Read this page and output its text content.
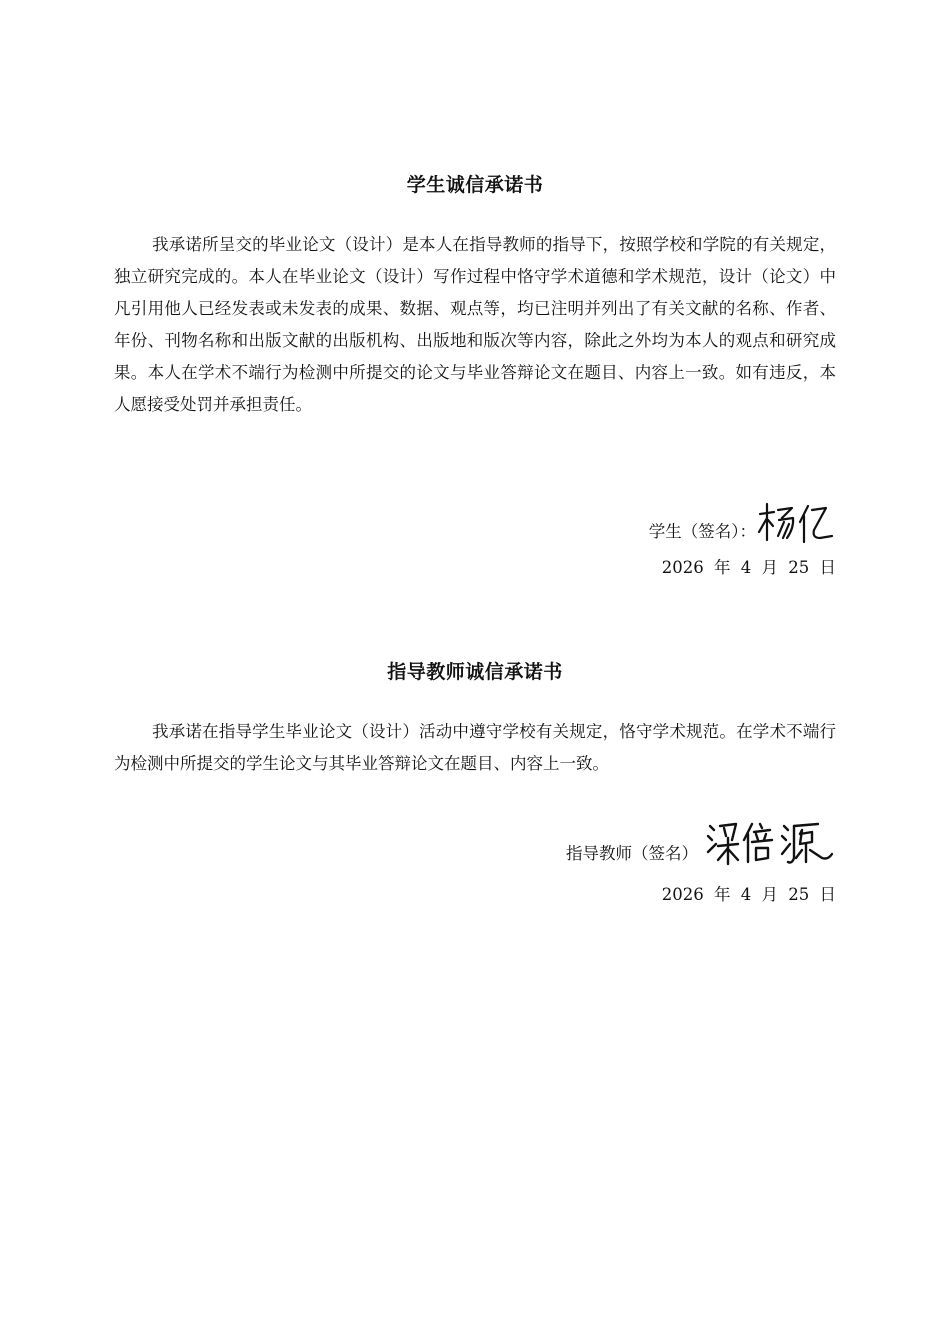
学生诚信承诺书

我承诺所呈交的毕业论文（设计）是本人在指导教师的指导下，按照学校和学院的有关规定，独立研究完成的。本人在毕业论文（设计）写作过程中恪守学术道德和学术规范，设计（论文）中凡引用他人已经发表或未发表的成果、数据、观点等，均已注明并列出了有关文献的名称、作者、年份、刊物名称和出版文献的出版机构、出版地和版次等内容，除此之外均为本人的观点和研究成果。本人在学术不端行为检测中所提交的论文与毕业答辩论文在题目、内容上一致。如有违反，本人愿接受处罚并承担责任。

学生（签名）：
2026 年 4 月 25 日
指导教师诚信承诺书

我承诺在指导学生毕业论文（设计）活动中遵守学校有关规定，恪守学术规范。在学术不端行为检测中所提交的学生论文与其毕业答辩论文在题目、内容上一致。

指导教师（签名）
2026 年 4 月 25 日
